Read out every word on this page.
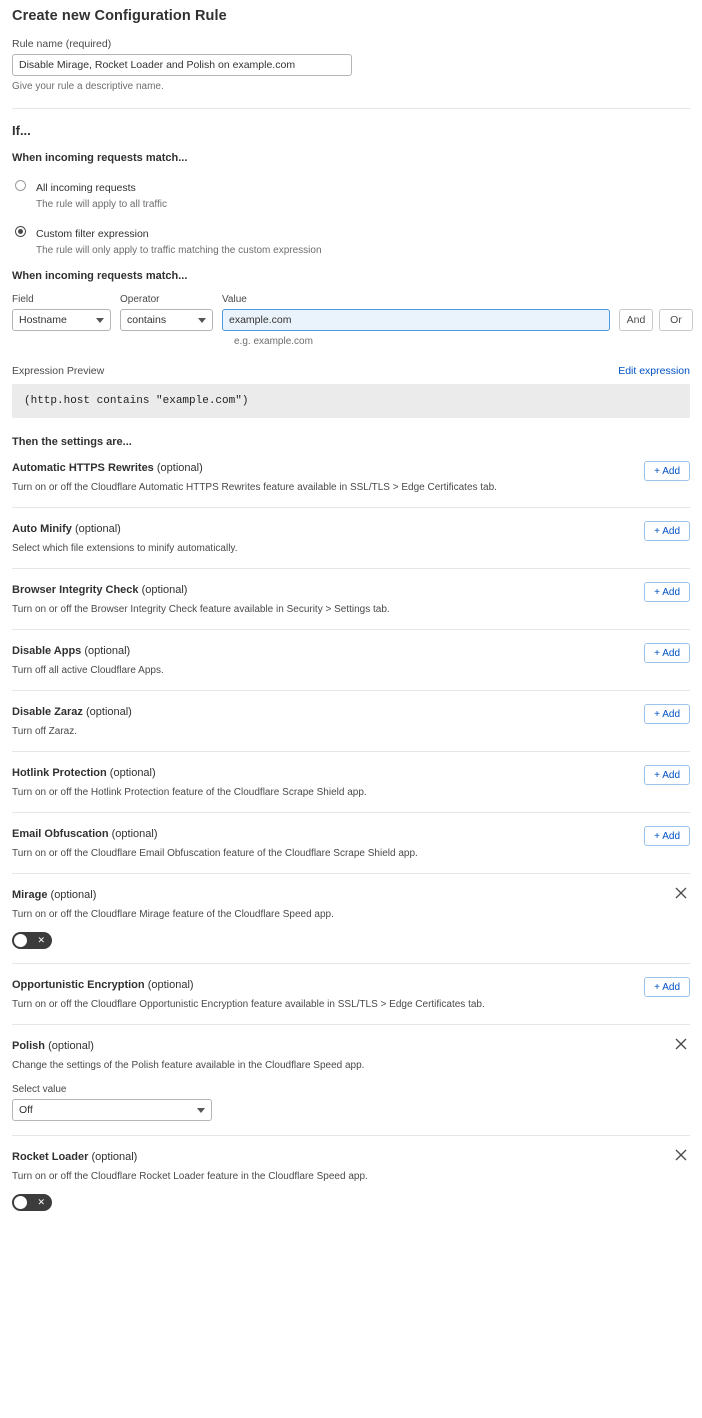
Create new Configuration Rule
Rule name (required)
Disable Mirage, Rocket Loader and Polish on example.com
Give your rule a descriptive name.
If...
When incoming requests match...
All incoming requests
The rule will apply to all traffic
Custom filter expression
The rule will only apply to traffic matching the custom expression
When incoming requests match...
Field
Hostname
Operator
contains
Value
example.com
And	Or
e.g. example.com
Expression Preview	Edit expression
(http.host contains "example.com")
Then the settings are...
Automatic HTTPS Rewrites (optional)
Turn on or off the Cloudflare Automatic HTTPS Rewrites feature available in SSL/TLS > Edge Certificates tab.
+ Add
Auto Minify (optional)
Select which file extensions to minify automatically.
+ Add
Browser Integrity Check (optional)
Turn on or off the Browser Integrity Check feature available in Security > Settings tab.
+ Add
Disable Apps (optional)
Turn off all active Cloudflare Apps.
+ Add
Disable Zaraz (optional)
Turn off Zaraz.
+ Add
Hotlink Protection (optional)
Turn on or off the Hotlink Protection feature of the Cloudflare Scrape Shield app.
+ Add
Email Obfuscation (optional)
Turn on or off the Cloudflare Email Obfuscation feature of the Cloudflare Scrape Shield app.
+ Add
Mirage (optional)
Turn on or off the Cloudflare Mirage feature of the Cloudflare Speed app.
✕
Opportunistic Encryption (optional)
Turn on or off the Cloudflare Opportunistic Encryption feature available in SSL/TLS > Edge Certificates tab.
+ Add
Polish (optional)
Change the settings of the Polish feature available in the Cloudflare Speed app.
Select value
Off
Rocket Loader (optional)
Turn on or off the Cloudflare Rocket Loader feature in the Cloudflare Speed app.
✕
